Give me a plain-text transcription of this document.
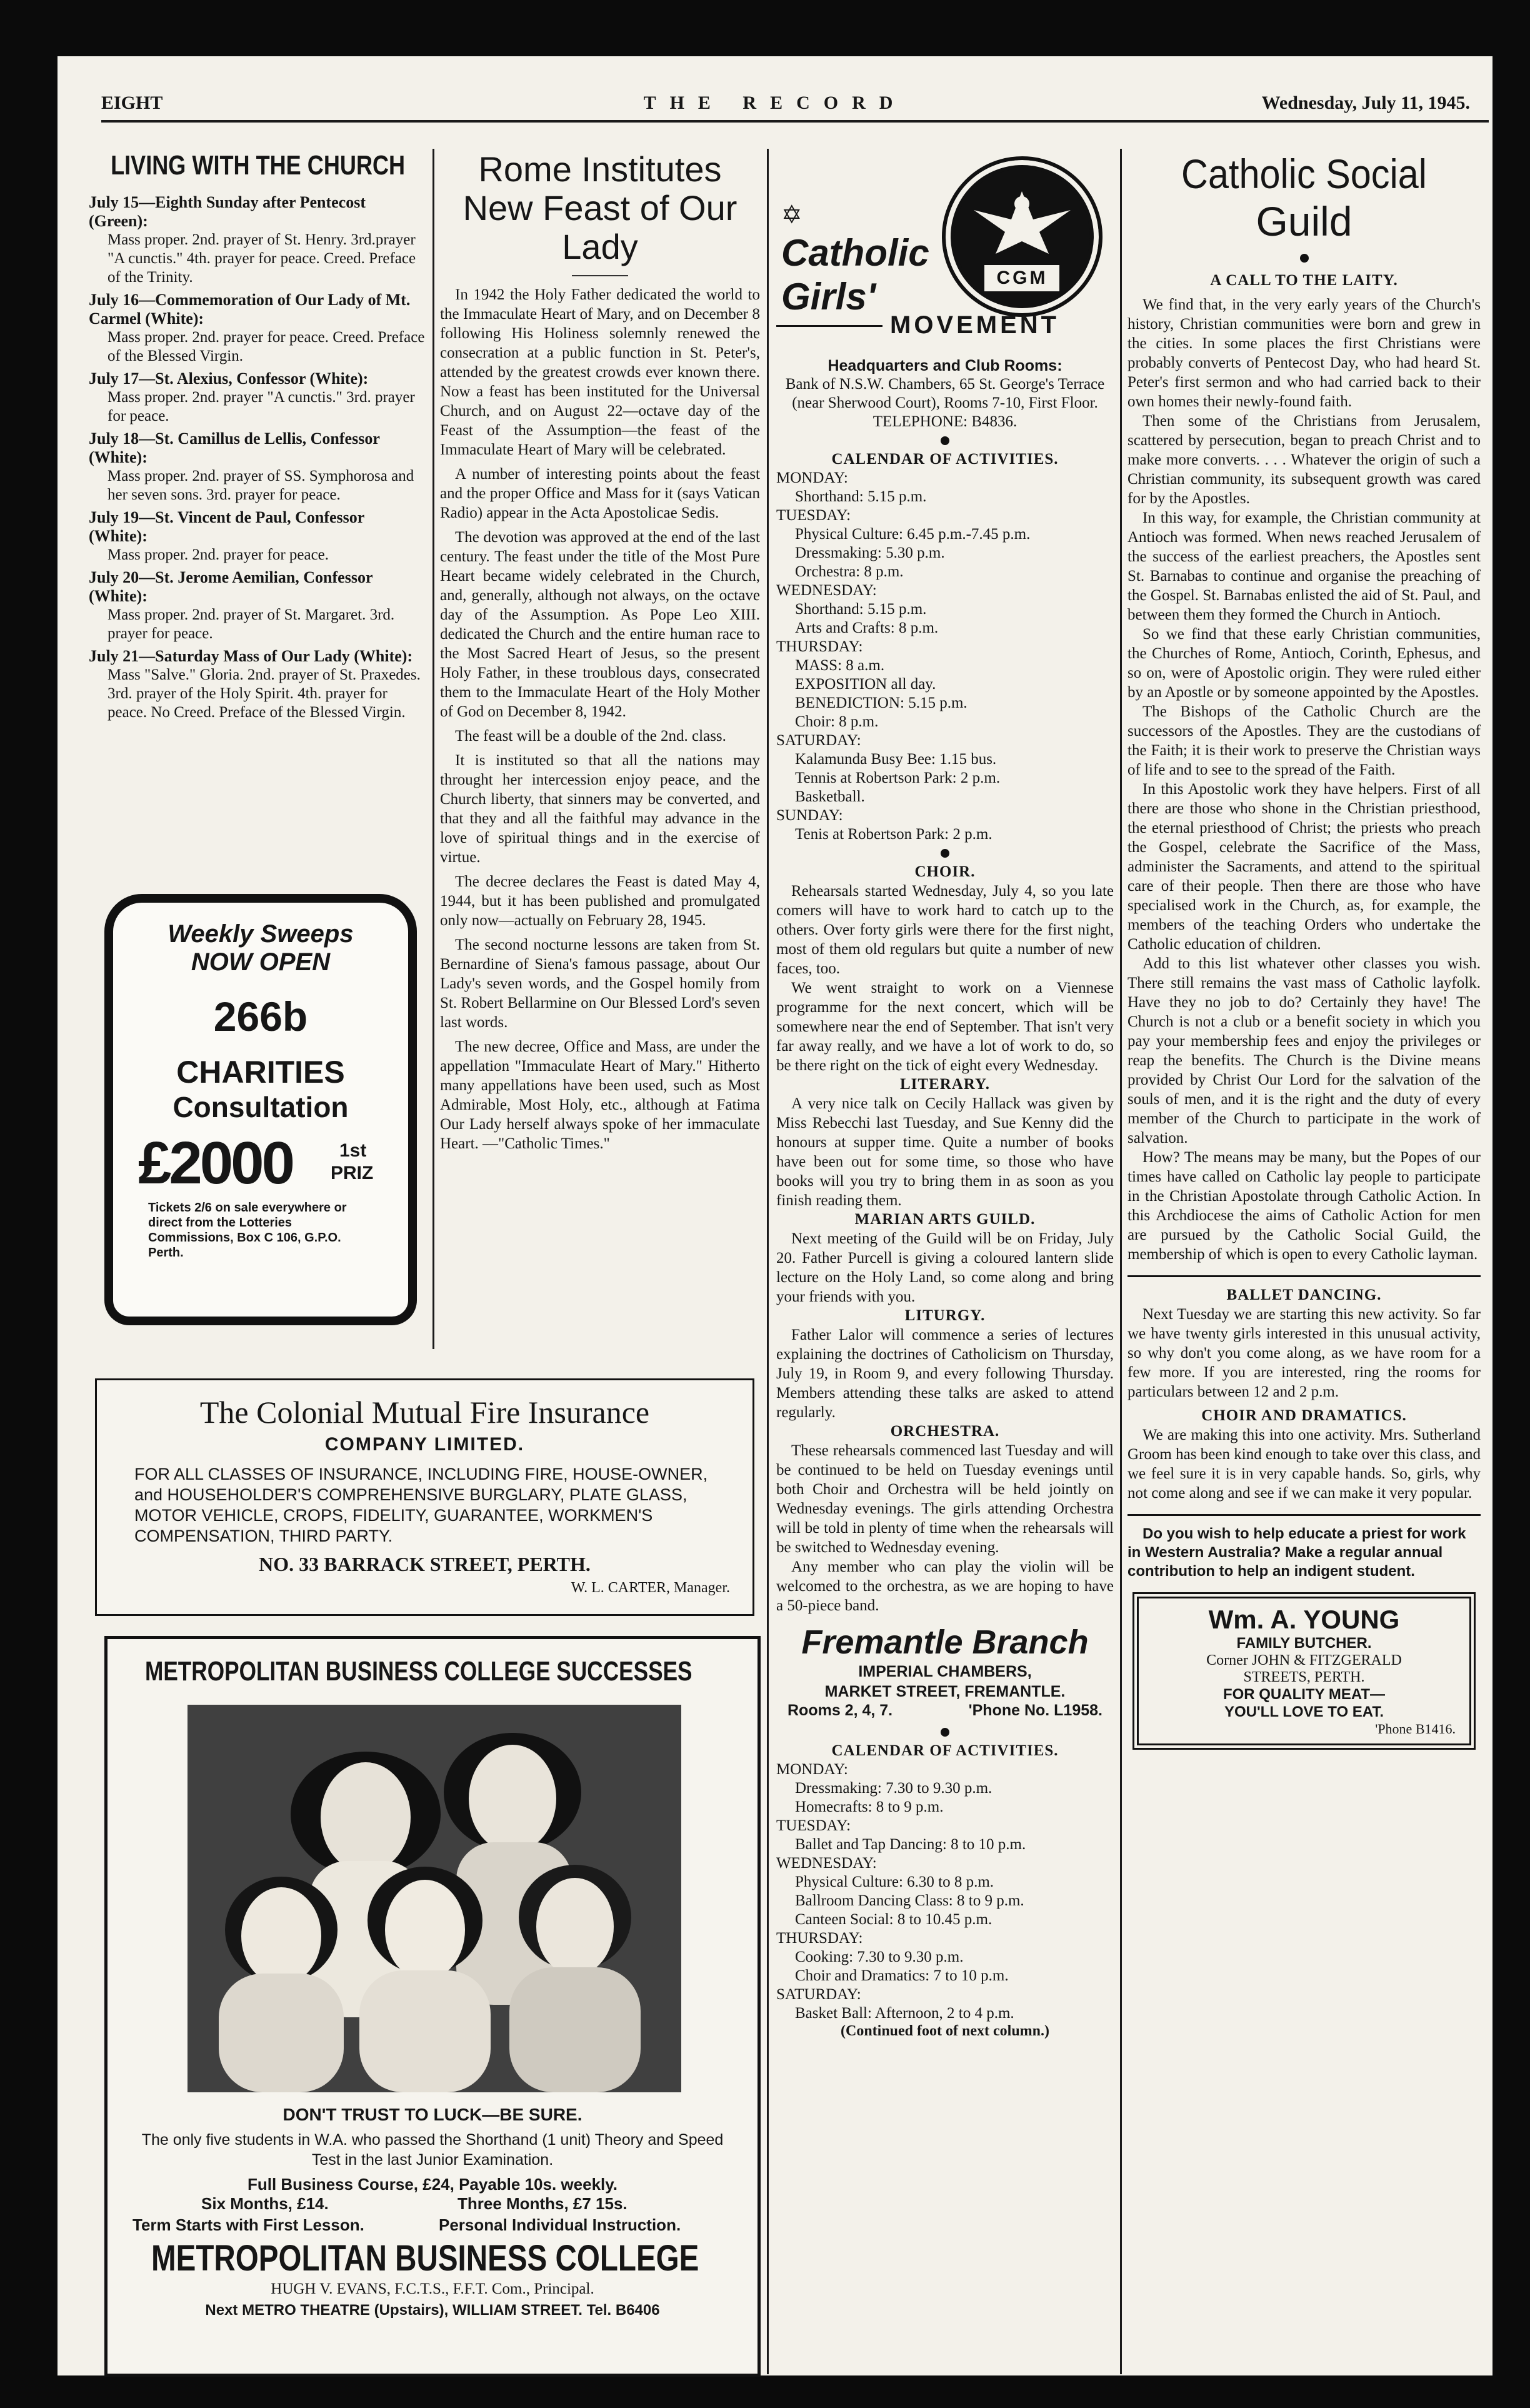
EIGHT	THE RECORD	Wednesday, July 11, 1945.
LIVING WITH THE CHURCH
July 15—Eighth Sunday after Pentecost (Green):
Mass proper. 2nd. prayer of St. Henry. 3rd.prayer "A cunctis." 4th. prayer for peace. Creed. Preface of the Trinity.
July 16—Commemoration of Our Lady of Mt. Carmel (White):
Mass proper. 2nd. prayer for peace. Creed. Preface of the Blessed Virgin.
July 17—St. Alexius, Confessor (White):
Mass proper. 2nd. prayer "A cunctis." 3rd. prayer for peace.
July 18—St. Camillus de Lellis, Confessor (White):
Mass proper. 2nd. prayer of SS. Symphorosa and her seven sons. 3rd. prayer for peace.
July 19—St. Vincent de Paul, Confessor (White):
Mass proper. 2nd. prayer for peace.
July 20—St. Jerome Aemilian, Confessor (White):
Mass proper. 2nd. prayer of St. Margaret. 3rd. prayer for peace.
July 21—Saturday Mass of Our Lady (White):
Mass "Salve." Gloria. 2nd. prayer of St. Praxedes. 3rd. prayer of the Holy Spirit. 4th. prayer for peace. No Creed. Preface of the Blessed Virgin.
Weekly Sweeps
NOW OPEN
266b
CHARITIES
Consultation
£2000	1st
PRIZ
Tickets 2/6 on sale everywhere or direct from the Lotteries Commissions, Box C 106, G.P.O. Perth.
Rome Institutes New Feast of Our Lady

In 1942 the Holy Father dedicated the world to the Immaculate Heart of Mary, and on December 8 following His Holiness solemnly renewed the consecration at a public function in St. Peter's, attended by the greatest crowds ever known there. Now a feast has been instituted for the Universal Church, and on August 22—octave day of the Feast of the Assumption—the feast of the Immaculate Heart of Mary will be celebrated.

A number of interesting points about the feast and the proper Office and Mass for it (says Vatican Radio) appear in the Acta Apostolicae Sedis.

The devotion was approved at the end of the last century. The feast under the title of the Most Pure Heart became widely celebrated in the Church, and, generally, although not always, on the octave day of the Assumption. As Pope Leo XIII. dedicated the Church and the entire human race to the Most Sacred Heart of Jesus, so the present Holy Father, in these troublous days, consecrated them to the Immaculate Heart of the Holy Mother of God on December 8, 1942.

The feast will be a double of the 2nd. class.

It is instituted so that all the nations may throught her intercession enjoy peace, and the Church liberty, that sinners may be converted, and that they and all the faithful may advance in the love of spiritual things and in the exercise of virtue.

The decree declares the Feast is dated May 4, 1944, but it has been published and promulgated only now—actually on February 28, 1945.

The second nocturne lessons are taken from St. Bernardine of Siena's famous passage, about Our Lady's seven words, and the Gospel homily from St. Robert Bellarmine on Our Blessed Lord's seven last words.

The new decree, Office and Mass, are under the appellation "Immaculate Heart of Mary." Hitherto many appellations have been used, such as Most Admirable, Most Holy, etc., although at Fatima Our Lady herself always spoke of her immaculate Heart. —"Catholic Times."

The Colonial Mutual Fire Insurance
COMPANY LIMITED.
FOR ALL CLASSES OF INSURANCE, INCLUDING FIRE, HOUSE-OWNER, and HOUSEHOLDER'S COMPREHENSIVE BURGLARY, PLATE GLASS, MOTOR VEHICLE, CROPS, FIDELITY, GUARANTEE, WORKMEN'S COMPENSATION, THIRD PARTY.
NO. 33 BARRACK STREET, PERTH.
W. L. CARTER, Manager.
METROPOLITAN BUSINESS COLLEGE SUCCESSES
DON'T TRUST TO LUCK—BE SURE.
The only five students in W.A. who passed the Shorthand (1 unit) Theory and Speed Test in the last Junior Examination.
Full Business Course, £24, Payable 10s. weekly.
Six Months, £14.	Three Months, £7 15s.
Term Starts with First Lesson.	Personal Individual Instruction.
METROPOLITAN BUSINESS COLLEGE
HUGH V. EVANS, F.C.T.S., F.F.T. Com., Principal.
Next METRO THEATRE (Upstairs), WILLIAM STREET. Tel. B6406
✡
Catholic
Girls'	CGM
MOVEMENT
Headquarters and Club Rooms:
Bank of N.S.W. Chambers, 65 St. George's Terrace (near Sherwood Court), Rooms 7-10, First Floor.
TELEPHONE: B4836.
CALENDAR OF ACTIVITIES.
MONDAY:
Shorthand: 5.15 p.m.
TUESDAY:
Physical Culture: 6.45 p.m.-7.45 p.m.
Dressmaking: 5.30 p.m.
Orchestra: 8 p.m.
WEDNESDAY:
Shorthand: 5.15 p.m.
Arts and Crafts: 8 p.m.
THURSDAY:
MASS: 8 a.m.
EXPOSITION all day.
BENEDICTION: 5.15 p.m.
Choir: 8 p.m.
SATURDAY:
Kalamunda Busy Bee: 1.15 bus.
Tennis at Robertson Park: 2 p.m.
Basketball.
SUNDAY:
Tenis at Robertson Park: 2 p.m.
CHOIR.

Rehearsals started Wednesday, July 4, so you late comers will have to work hard to catch up to the others. Over forty girls were there for the first night, most of them old regulars but quite a number of new faces, too.

We went straight to work on a Viennese programme for the next concert, which will be somewhere near the end of September. That isn't very far away really, and we have a lot of work to do, so be there right on the tick of eight every Wednesday.

LITERARY.

A very nice talk on Cecily Hallack was given by Miss Rebecchi last Tuesday, and Sue Kenny did the honours at supper time. Quite a number of books have been out for some time, so those who have books will you try to bring them in as soon as you finish reading them.

MARIAN ARTS GUILD.

Next meeting of the Guild will be on Friday, July 20. Father Purcell is giving a coloured lantern slide lecture on the Holy Land, so come along and bring your friends with you.

LITURGY.

Father Lalor will commence a series of lectures explaining the doctrines of Catholicism on Thursday, July 19, in Room 9, and every following Thursday. Members attending these talks are asked to attend regularly.

ORCHESTRA.

These rehearsals commenced last Tuesday and will be continued to be held on Tuesday evenings until both Choir and Orchestra will be held jointly on Wednesday evenings. The girls attending Orchestra will be told in plenty of time when the rehearsals will be switched to Wednesday evening.

Any member who can play the violin will be welcomed to the orchestra, as we are hoping to have a 50-piece band.

Fremantle Branch
IMPERIAL CHAMBERS,
MARKET STREET, FREMANTLE.
Rooms 2, 4, 7.	'Phone No. L1958.
CALENDAR OF ACTIVITIES.
MONDAY:
Dressmaking: 7.30 to 9.30 p.m.
Homecrafts: 8 to 9 p.m.
TUESDAY:
Ballet and Tap Dancing: 8 to 10 p.m.
WEDNESDAY:
Physical Culture: 6.30 to 8 p.m.
Ballroom Dancing Class: 8 to 9 p.m.
Canteen Social: 8 to 10.45 p.m.
THURSDAY:
Cooking: 7.30 to 9.30 p.m.
Choir and Dramatics: 7 to 10 p.m.
SATURDAY:
Basket Ball: Afternoon, 2 to 4 p.m.
(Continued foot of next column.)
Catholic Social
Guild
A CALL TO THE LAITY.

We find that, in the very early years of the Church's history, Christian communities were born and grew in the cities. In some places the first Christians were probably converts of Pentecost Day, who had heard St. Peter's first sermon and who had carried back to their own homes their newly-found faith.

Then some of the Christians from Jerusalem, scattered by persecution, began to preach Christ and to make more converts. . . . Whatever the origin of such a Christian community, its subsequent growth was cared for by the Apostles.

In this way, for example, the Christian community at Antioch was formed. When news reached Jerusalem of the success of the earliest preachers, the Apostles sent St. Barnabas to continue and organise the preaching of the Gospel. St. Barnabas enlisted the aid of St. Paul, and between them they formed the Church in Antioch.

So we find that these early Christian communities, the Churches of Rome, Antioch, Corinth, Ephesus, and so on, were of Apostolic origin. They were ruled either by an Apostle or by someone appointed by the Apostles.

The Bishops of the Catholic Church are the successors of the Apostles. They are the custodians of the Faith; it is their work to preserve the Christian ways of life and to see to the spread of the Faith.

In this Apostolic work they have helpers. First of all there are those who shone in the Christian priesthood, the eternal priesthood of Christ; the priests who preach the Gospel, celebrate the Sacrifice of the Mass, administer the Sacraments, and attend to the spiritual care of their people. Then there are those who have specialised work in the Church, as, for example, the members of the teaching Orders who undertake the Catholic education of children.

Add to this list whatever other classes you wish. There still remains the vast mass of Catholic layfolk. Have they no job to do? Certainly they have! The Church is not a club or a benefit society in which you pay your membership fees and enjoy the privileges or reap the benefits. The Church is the Divine means provided by Christ Our Lord for the salvation of the souls of men, and it is the right and the duty of every member of the Church to participate in the work of salvation.

How? The means may be many, but the Popes of our times have called on Catholic lay people to participate in the Christian Apostolate through Catholic Action. In this Archdiocese the aims of Catholic Action for men are pursued by the Catholic Social Guild, the membership of which is open to every Catholic layman.

BALLET DANCING.

Next Tuesday we are starting this new activity. So far we have twenty girls interested in this unusual activity, so why don't you come along, as we have room for a few more. If you are interested, ring the rooms for particulars between 12 and 2 p.m.

CHOIR AND DRAMATICS.

We are making this into one activity. Mrs. Sutherland Groom has been kind enough to take over this class, and we feel sure it is in very capable hands. So, girls, why not come along and see if we can make it very popular.

Do you wish to help educate a priest for work in Western Australia? Make a regular annual contribution to help an indigent student.

Wm. A. YOUNG
FAMILY BUTCHER.
Corner JOHN & FITZGERALD
STREETS, PERTH.
FOR QUALITY MEAT—
YOU'LL LOVE TO EAT.
'Phone B1416.
